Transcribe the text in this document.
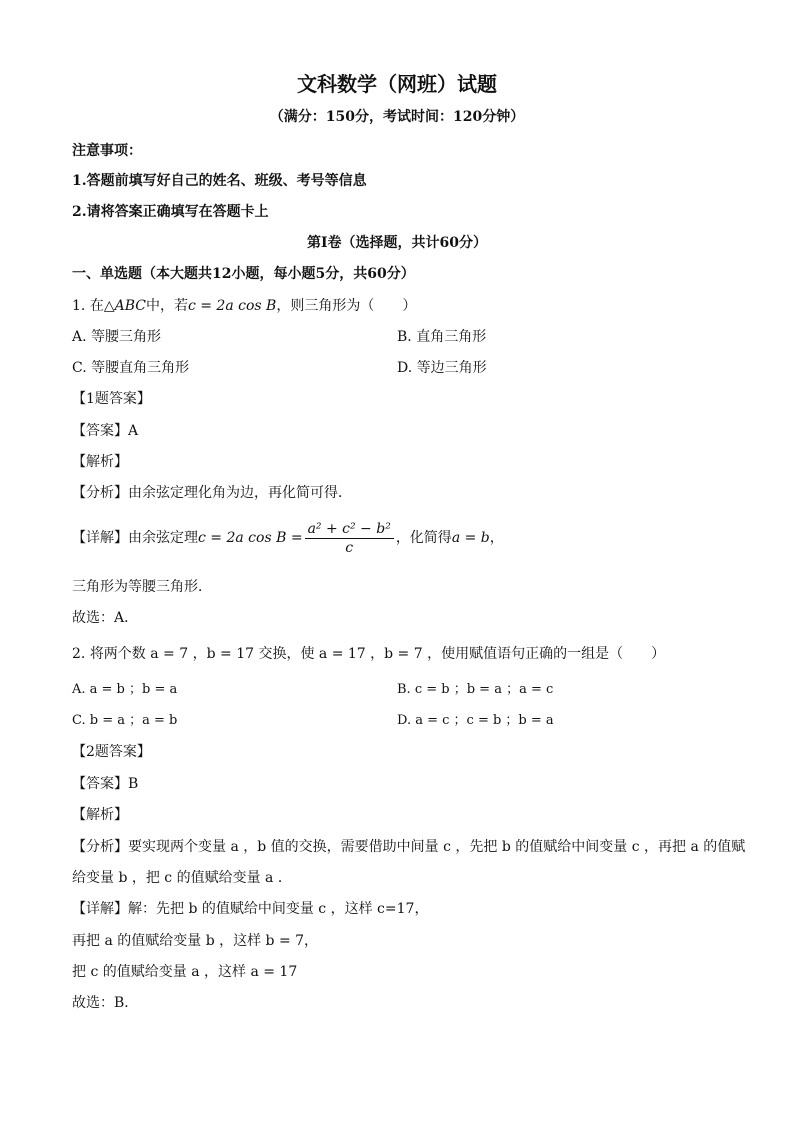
文科数学（网班）试题
（满分：150分，考试时间：120分钟）
注意事项：
1.答题前填写好自己的姓名、班级、考号等信息
2.请将答案正确填写在答题卡上
第I卷（选择题，共计60分）
一、单选题（本大题共12小题，每小题5分，共60分）
1. 在△ABC中，若c = 2a cos B，则三角形为（　　）
A. 等腰三角形	B. 直角三角形
C. 等腰直角三角形	D. 等边三角形
【1题答案】
【答案】A
【解析】
【分析】由余弦定理化角为边，再化简可得．
【详解】由余弦定理c = 2a $\cos B = \frac{\text{a² + c² − b²}}{c}$ ，化简得a = b，
三角形为等腰三角形．
故选：A．
2. 将两个数 a = 7 ，b = 17 交换，使 a = 17 ，b = 7 ，使用赋值语句正确的一组是（　　）
A. a = b ；b = a	B. c = b ；b = a ；a = c
C. b = a ；a = b	D. a = c ；c = b ；b = a
【2题答案】
【答案】B
【解析】
【分析】要实现两个变量 a ，b 值的交换，需要借助中间量 c ，先把 b 的值赋给中间变量 c ，再把 a 的值赋
给变量 b ，把 c 的值赋给变量 a ．
【详解】解：先把 b 的值赋给中间变量 c ，这样 c=17，
再把 a 的值赋给变量 b ，这样 b = 7，
把 c 的值赋给变量 a ，这样 a = 17
故选：B．
